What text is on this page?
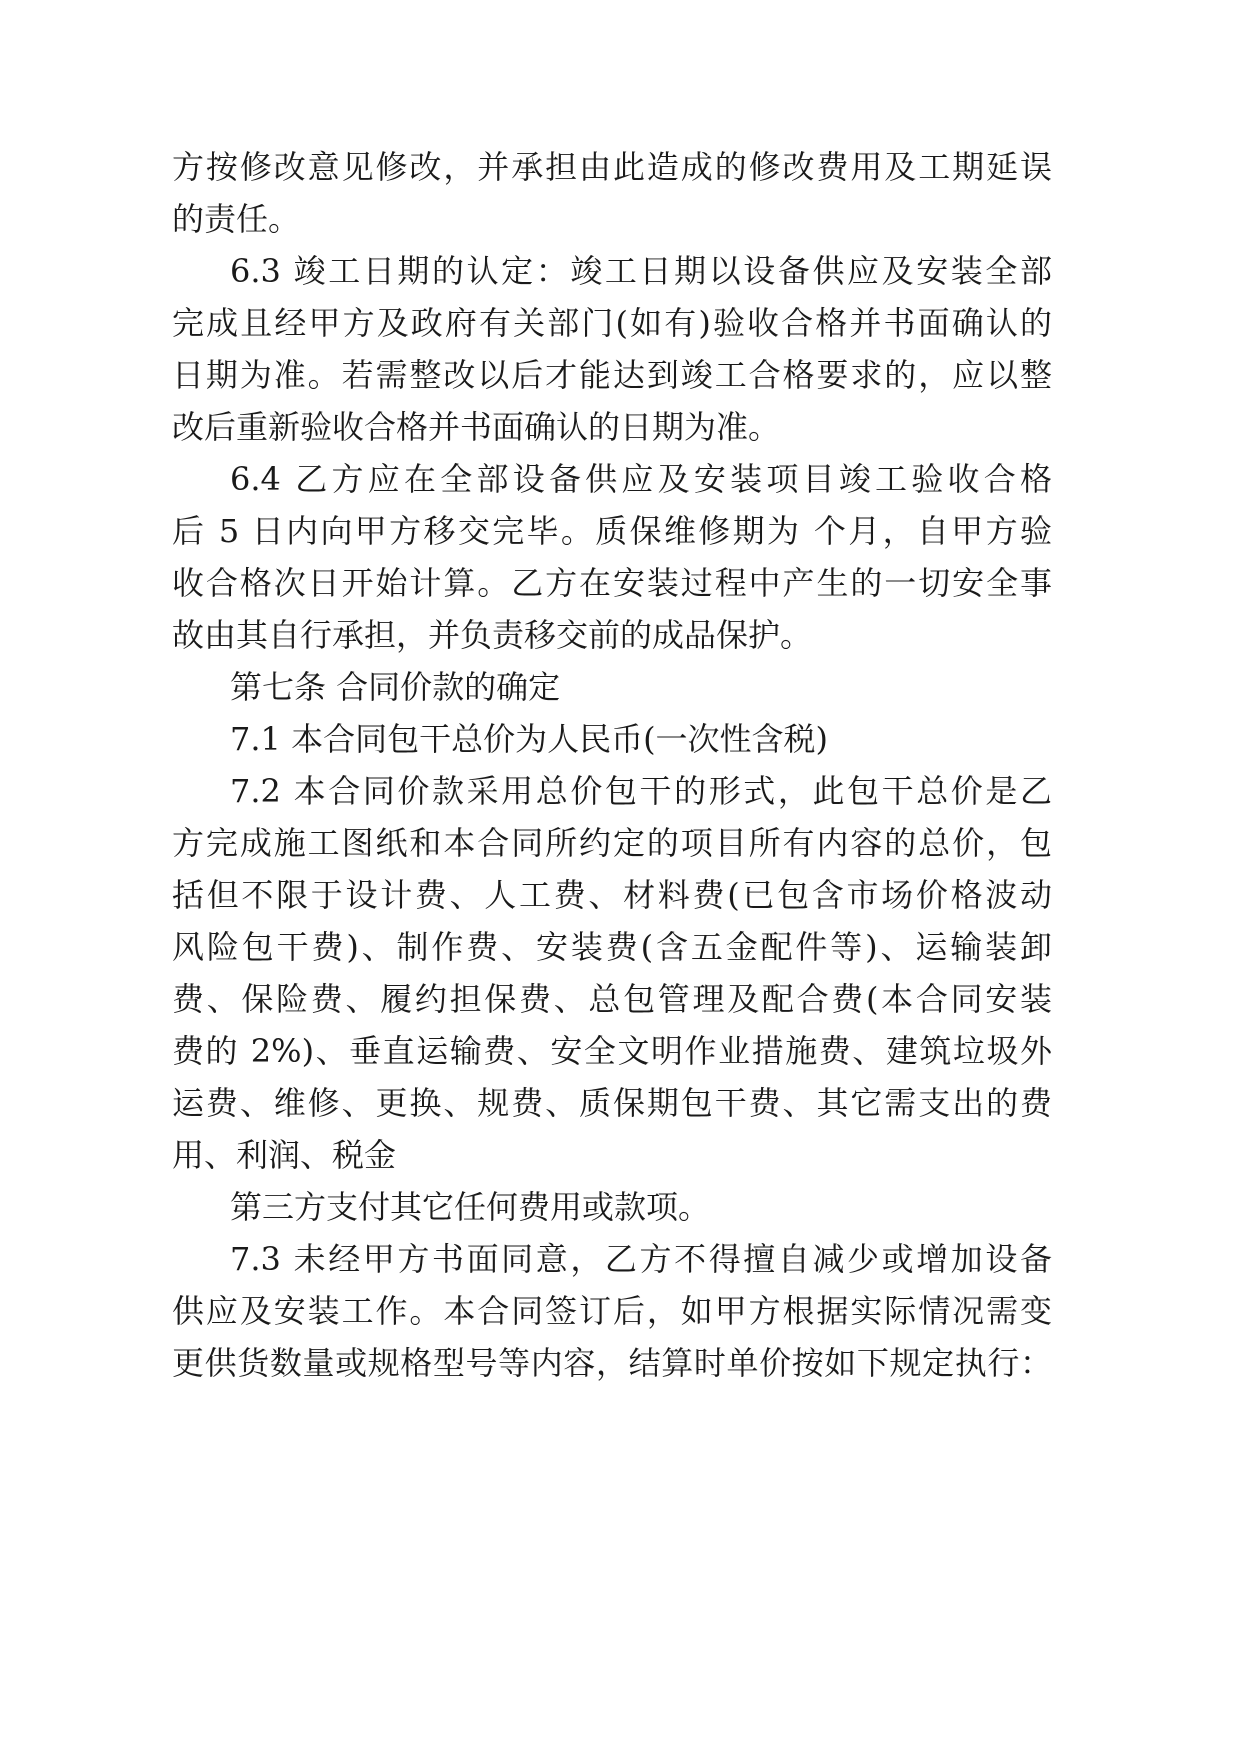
方按修改意见修改，并承担由此造成的修改费用及工期延误
的责任。
6.3 竣工日期的认定：竣工日期以设备供应及安装全部
完成且经甲方及政府有关部门(如有)验收合格并书面确认的
日期为准。若需整改以后才能达到竣工合格要求的，应以整
改后重新验收合格并书面确认的日期为准。
6.4 乙方应在全部设备供应及安装项目竣工验收合格
后 5 日内向甲方移交完毕。质保维修期为 个月，自甲方验
收合格次日开始计算。乙方在安装过程中产生的一切安全事
故由其自行承担，并负责移交前的成品保护。
第七条 合同价款的确定
7.1 本合同包干总价为人民币(一次性含税)
7.2 本合同价款采用总价包干的形式，此包干总价是乙
方完成施工图纸和本合同所约定的项目所有内容的总价，包
括但不限于设计费、人工费、材料费(已包含市场价格波动
风险包干费)、制作费、安装费(含五金配件等)、运输装卸
费、保险费、履约担保费、总包管理及配合费(本合同安装
费的 2%)、垂直运输费、安全文明作业措施费、建筑垃圾外
运费、维修、更换、规费、质保期包干费、其它需支出的费
用、利润、税金
第三方支付其它任何费用或款项。
7.3 未经甲方书面同意，乙方不得擅自减少或增加设备
供应及安装工作。本合同签订后，如甲方根据实际情况需变
更供货数量或规格型号等内容，结算时单价按如下规定执行：
